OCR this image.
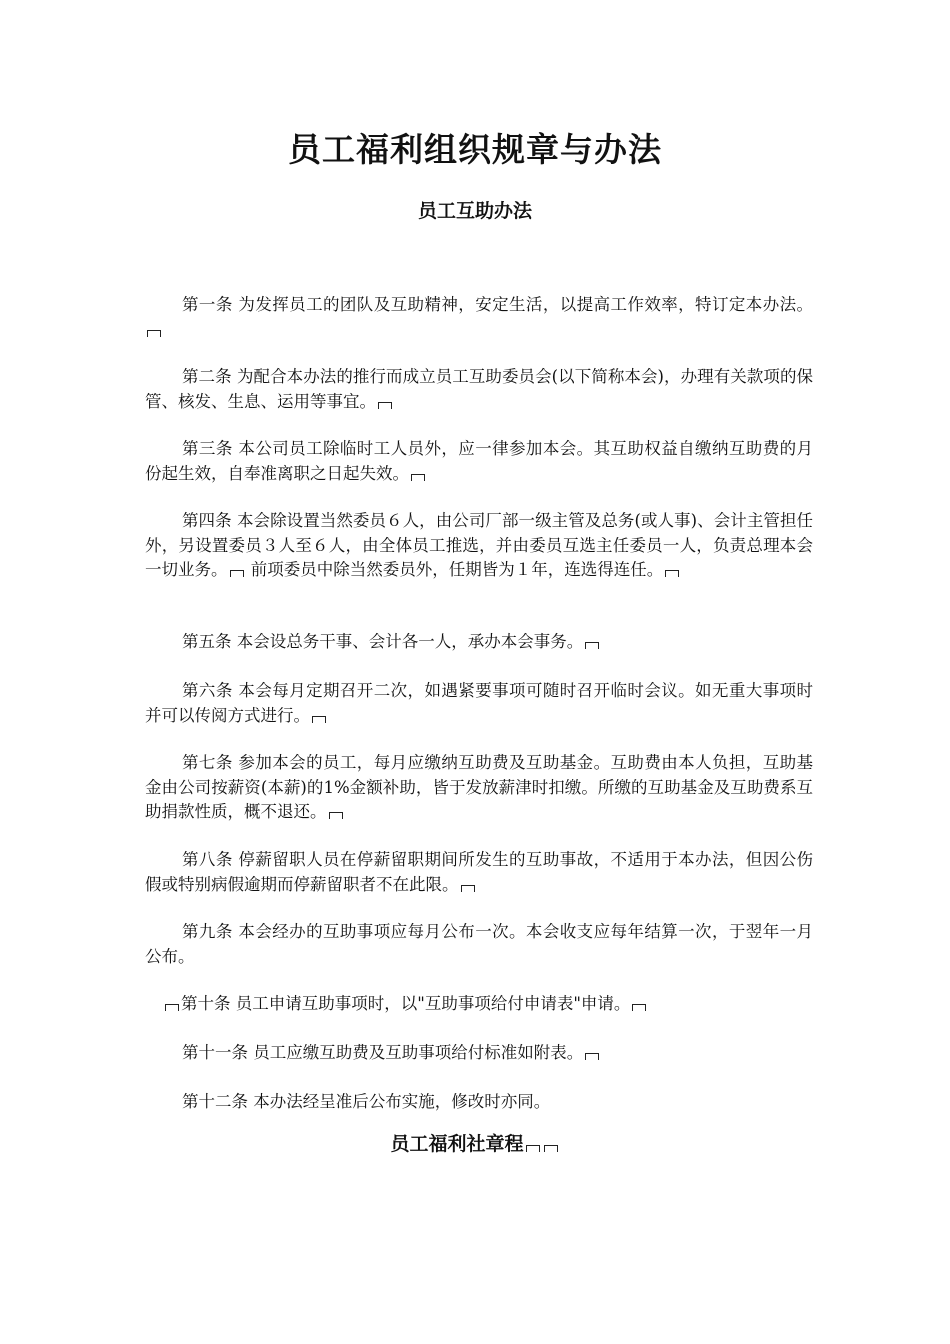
员工福利组织规章与办法
员工互助办法

第一条 为发挥员工的团队及互助精神，安定生活，以提高工作效率，特订定本办法。

第二条 为配合本办法的推行而成立员工互助委员会(以下简称本会)，办理有关款项的保管、核发、生息、运用等事宜。

第三条 本公司员工除临时工人员外，应一律参加本会。其互助权益自缴纳互助费的月份起生效，自奉准离职之日起失效。

第四条 本会除设置当然委员６人，由公司厂部一级主管及总务(或人事)、会计主管担任外，另设置委员３人至６人，由全体员工推选，并由委员互选主任委员一人，负责总理本会一切业务。 前项委员中除当然委员外，任期皆为１年，连选得连任。

第五条 本会设总务干事、会计各一人，承办本会事务。

第六条 本会每月定期召开二次，如遇紧要事项可随时召开临时会议。如无重大事项时并可以传阅方式进行。

第七条 参加本会的员工，每月应缴纳互助费及互助基金。互助费由本人负担，互助基金由公司按薪资(本薪)的1%金额补助，皆于发放薪津时扣缴。所缴的互助基金及互助费系互助捐款性质，概不退还。

第八条 停薪留职人员在停薪留职期间所发生的互助事故，不适用于本办法，但因公伤假或特别病假逾期而停薪留职者不在此限。

第九条 本会经办的互助事项应每月公布一次。本会收支应每年结算一次，于翌年一月公布。

第十条 员工申请互助事项时，以"互助事项给付申请表"申请。

第十一条 员工应缴互助费及互助事项给付标准如附表。

第十二条 本办法经呈准后公布实施，修改时亦同。

员工福利社章程
